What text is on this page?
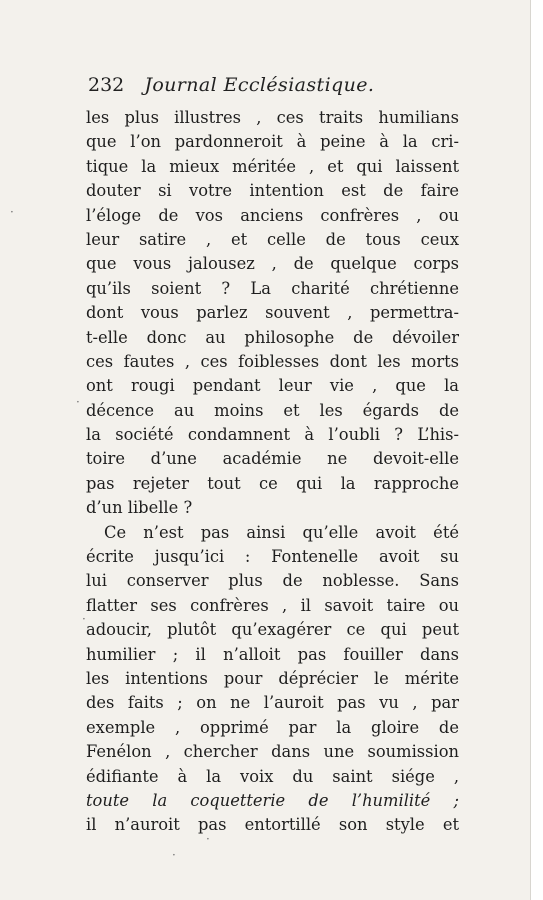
232 Journal Ecclésiastique.
les plus illustres , ces traits humilians
que l’on pardonneroit à peine à la cri-
tique la mieux méritée , et qui laissent
douter si votre intention est de faire
l’éloge de vos anciens confrères , ou
leur satire , et celle de tous ceux
que vous jalousez , de quelque corps
qu’ils soient ? La charité chrétienne
dont vous parlez souvent , permettra-
t-elle donc au philosophe de dévoiler
ces fautes , ces foiblesses dont les morts
ont rougi pendant leur vie , que la
décence au moins et les égards de
la société condamnent à l’oubli ? L’his-
toire d’une académie ne devoit-elle
pas rejeter tout ce qui la rapproche
d’un libelle ?
Ce n’est pas ainsi qu’elle avoit été
écrite jusqu’ici : Fontenelle avoit su
lui conserver plus de noblesse. Sans
flatter ses confrères , il savoit taire ou
adoucir, plutôt qu’exagérer ce qui peut
humilier ; il n’alloit pas fouiller dans
les intentions pour déprécier le mérite
des faits ; on ne l’auroit pas vu , par
exemple , opprimé par la gloire de
Fenélon , chercher dans une soumission
édifiante à la voix du saint siége ,
toute la coquetterie de l’humilité ;
il n’auroit pas entortillé son style et
·
·
·
·
·
